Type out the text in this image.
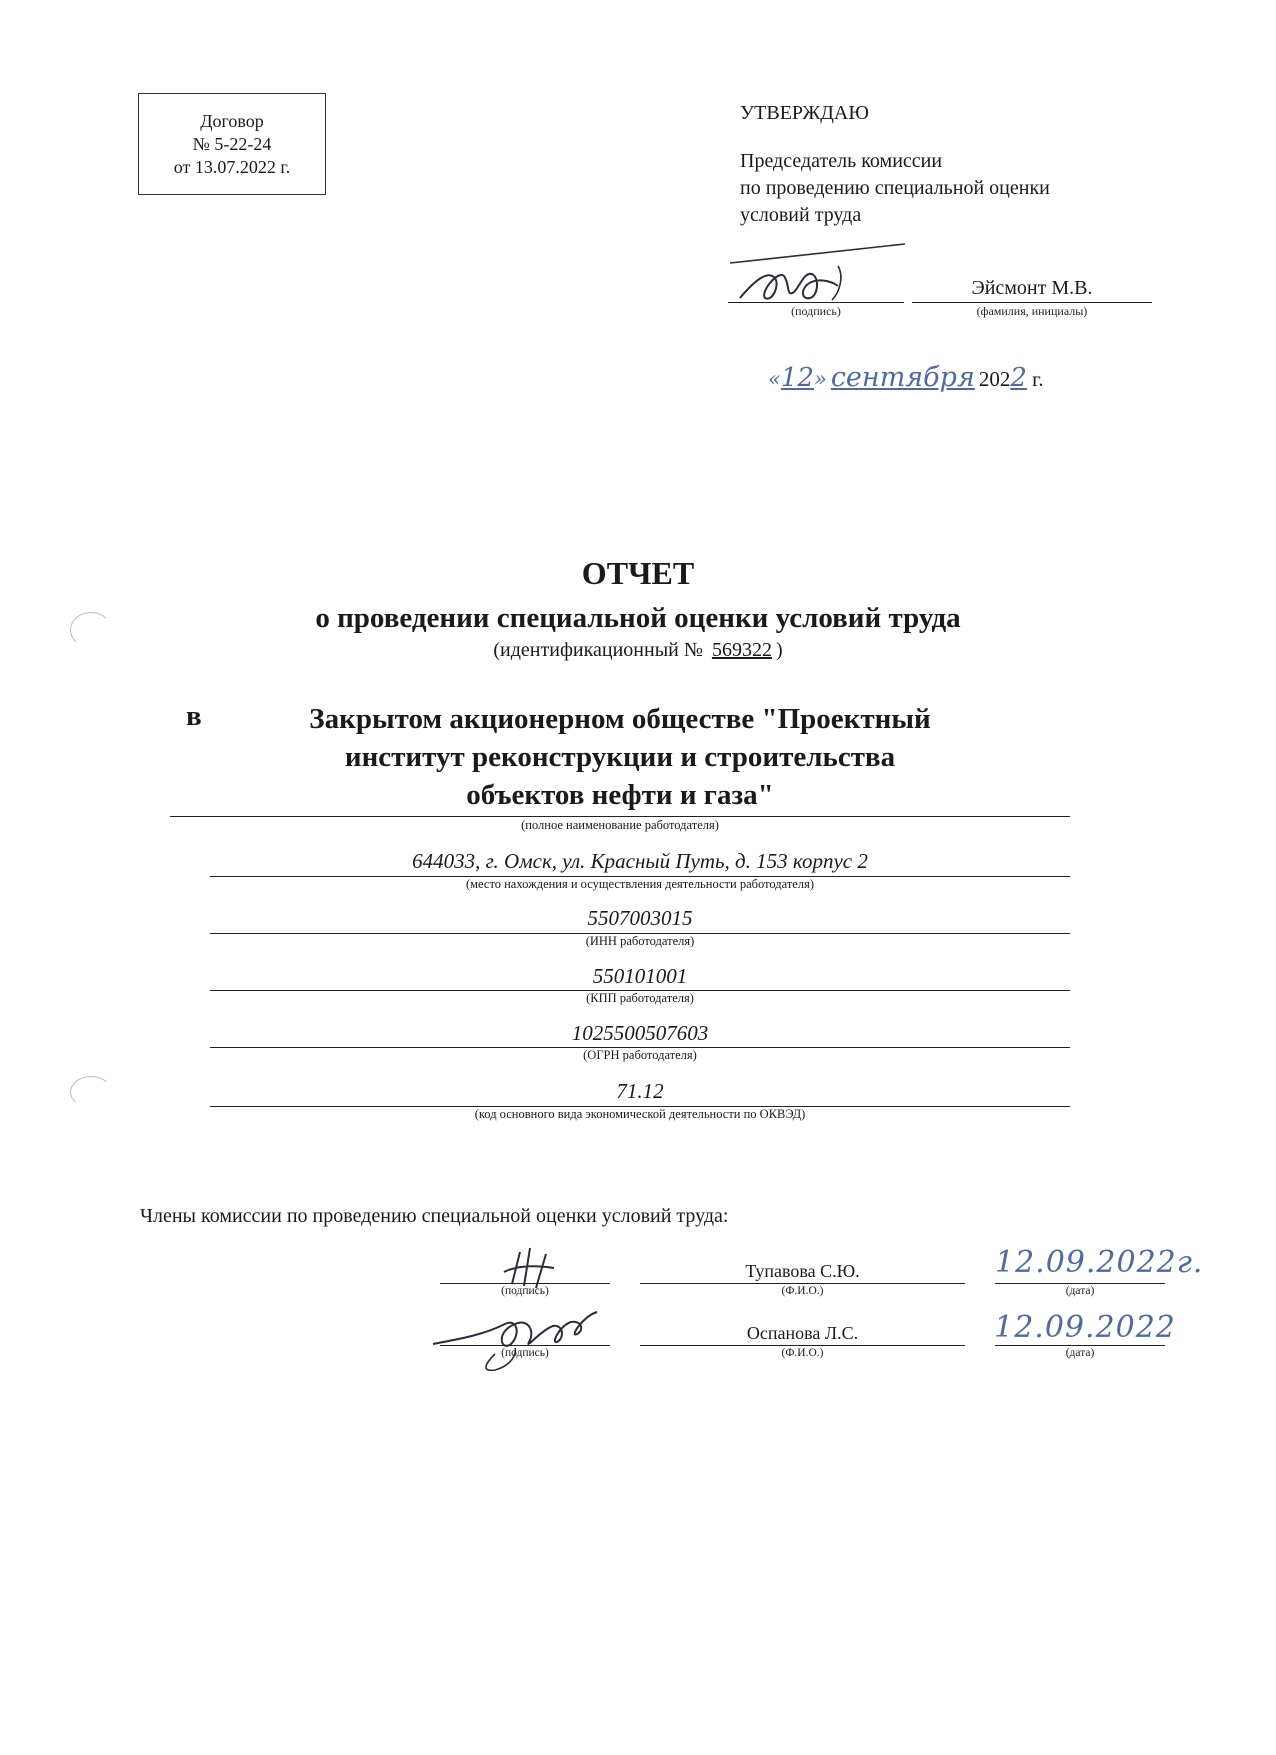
Договор
№ 5-22-24
от 13.07.2022 г.
УТВЕРЖДАЮ
Председатель комиссии
по проведению специальной оценки
условий труда
(подпись)
Эйсмонт М.В.
(фамилия, инициалы)
«12» сентября 2022 г.
ОТЧЕТ
о проведении специальной оценки условий труда
(идентификационный № 569322 )
в	Закрытом акционерном обществе "Проектный
институт реконструкции и строительства
объектов нефти и газа"
(полное наименование работодателя)
644033, г. Омск, ул. Красный Путь, д. 153 корпус 2
(место нахождения и осуществления деятельности работодателя)
5507003015
(ИНН работодателя)
550101001
(КПП работодателя)
1025500507603
(ОГРН работодателя)
71.12
(код основного вида экономической деятельности по ОКВЭД)
Члены комиссии по проведению специальной оценки условий труда:
(подпись)
Тупавова С.Ю.
(Ф.И.О.)
12.09.2022г.
(дата)
(подпись)
Оспанова Л.С.
(Ф.И.О.)
12.09.2022
(дата)
